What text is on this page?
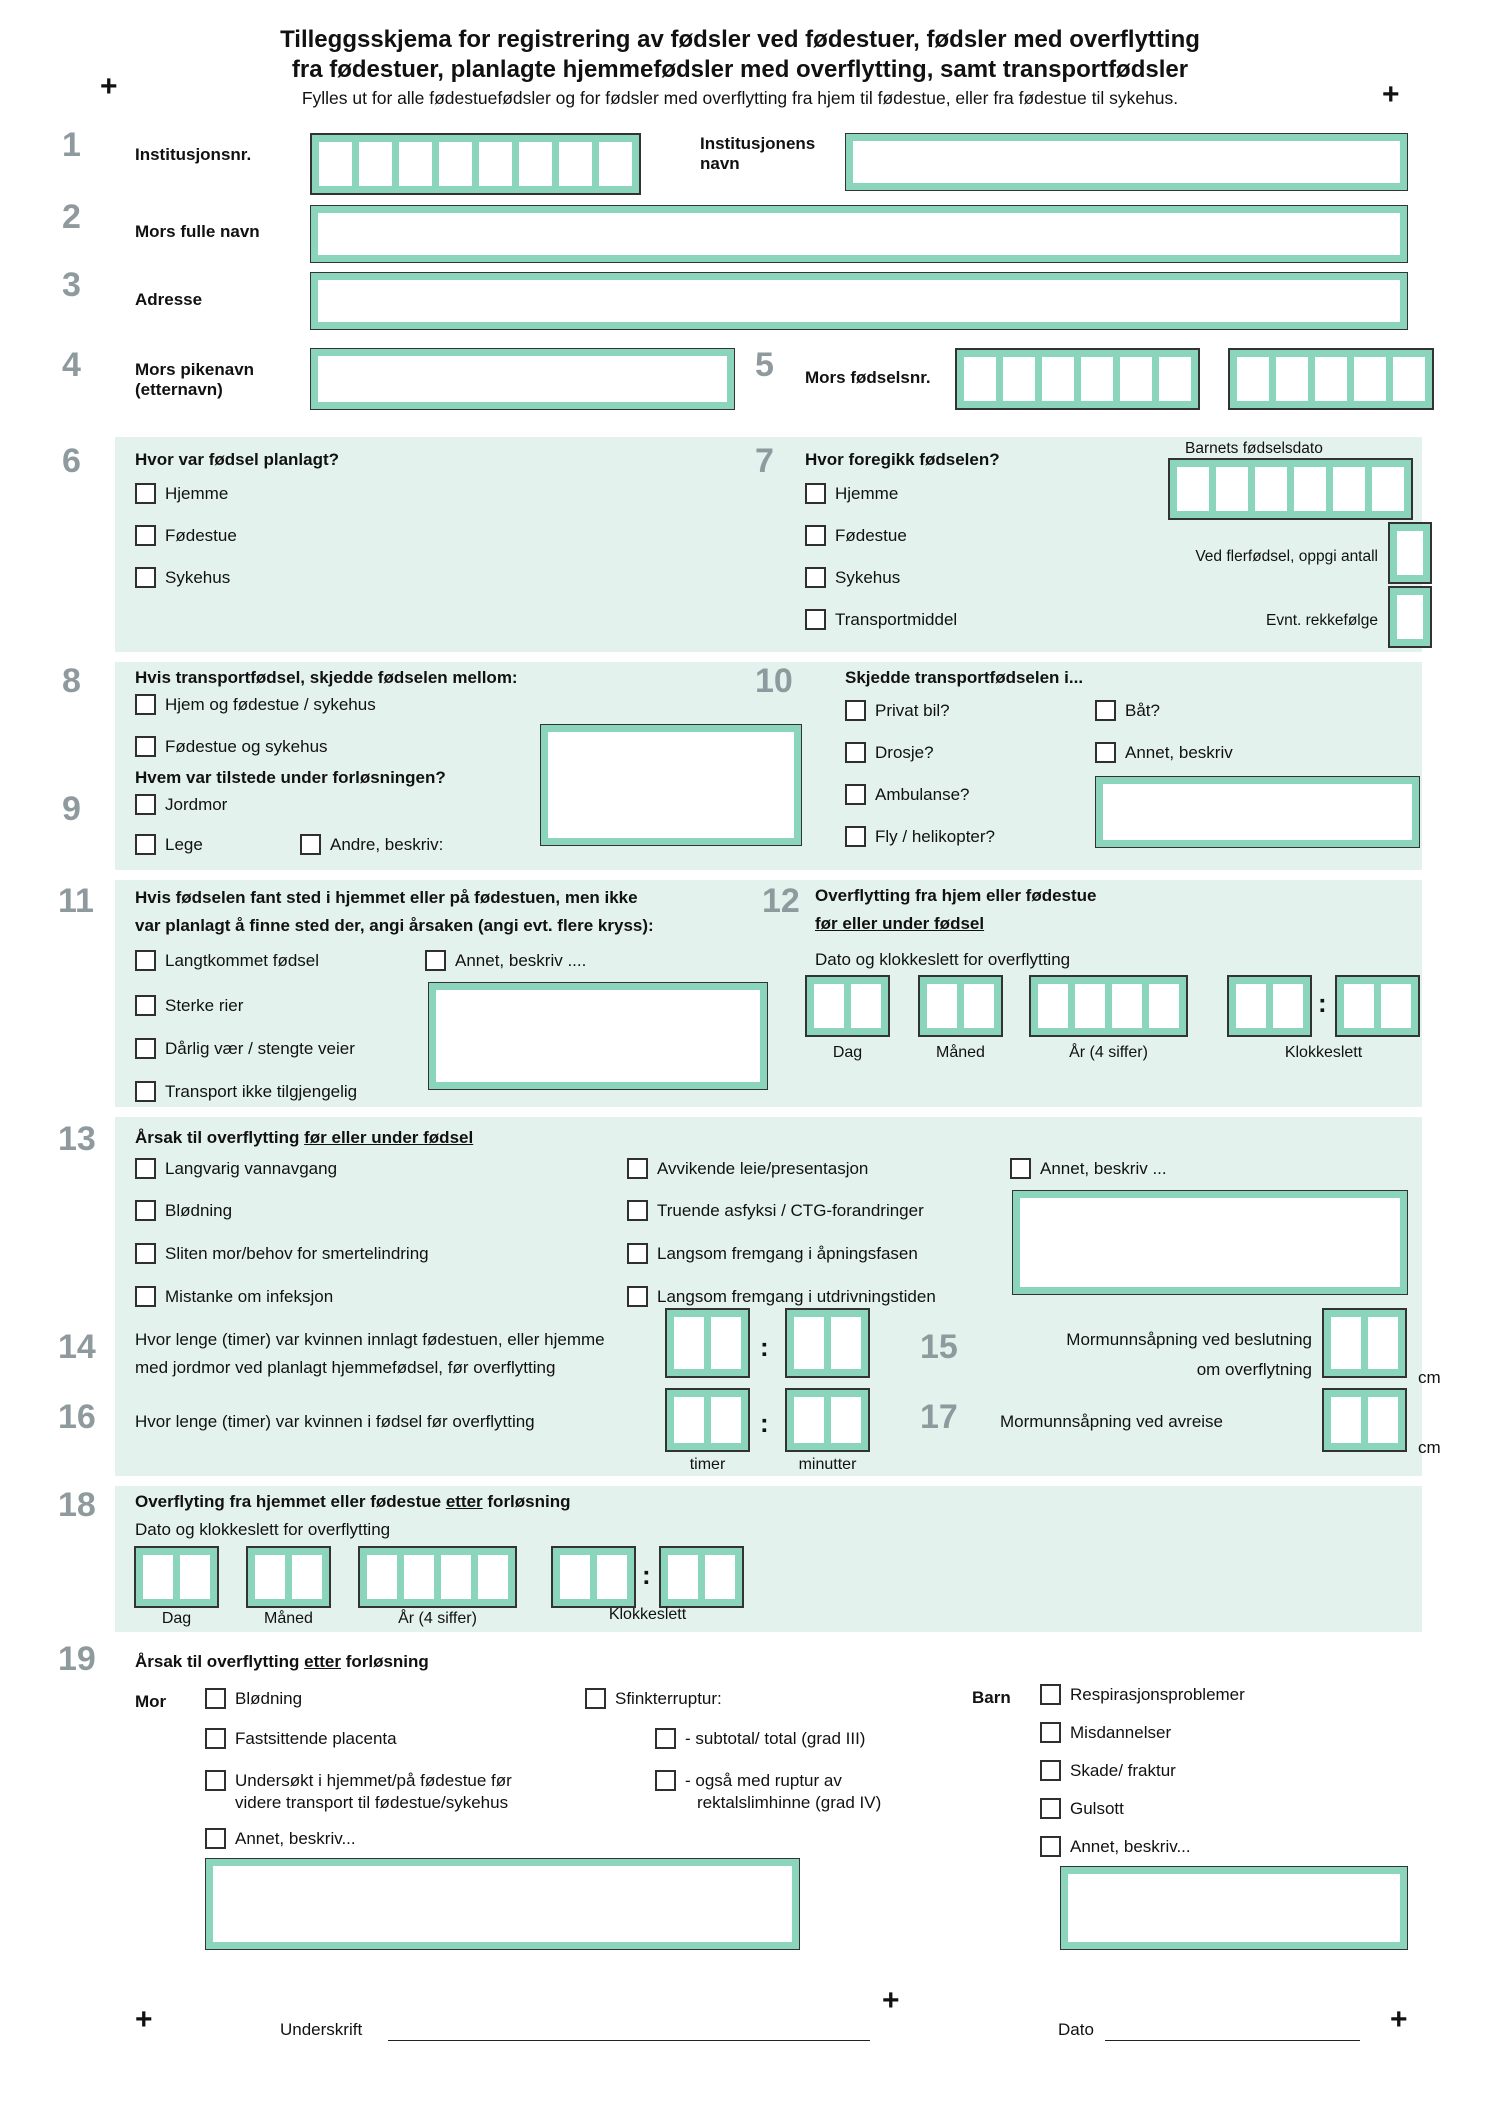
+	+
Tilleggsskjema for registrering av fødsler ved fødestuer, fødsler med overflytting
fra fødestuer, planlagte hjemmefødsler med overflytting, samt transportfødsler
Fylles ut for alle fødestuefødsler og for fødsler med overflytting fra hjem til fødestue, eller fra fødestue til sykehus.
1	Institusjonsnr.
Institusjonens navn
2	Mors fulle navn
3	Adresse
4	Mors pikenavn (etternavn)
5 Mors fødselsnr.
6	Hvor var fødsel planlagt?
Hjemme
Fødestue
Sykehus
7 Hvor foregikk fødselen?
Hjemme
Fødestue
Sykehus
Transportmiddel
Barnets fødselsdato
Ved flerfødsel, oppgi antall
Evnt. rekkefølge
8	Hvis transportfødsel, skjedde fødselen mellom:
Hjem og fødestue / sykehus
Fødestue og sykehus
Hvem var tilstede under forløsningen?
9	Jordmor
Lege	Andre, beskriv:
10	Skjedde transportfødselen i...
Privat bil?
Drosje?
Ambulanse?
Fly / helikopter?
Båt?
Annet, beskriv
11 Hvis fødselen fant sted i hjemmet eller på fødestuen, men ikke
var planlagt å finne sted der, angi årsaken (angi evt. flere kryss):
Langtkommet fødsel
Sterke rier
Dårlig vær / stengte veier
Transport ikke tilgjengelig
Annet, beskriv ....
12 Overflytting fra hjem eller fødestue
før eller under fødsel
Dato og klokkeslett for overflytting
:
Dag	Måned	År (4 siffer)	Klokkeslett
13 Årsak til overflytting før eller under fødsel
Langvarig vannavgang
Blødning
Sliten mor/behov for smertelindring
Mistanke om infeksjon
Avvikende leie/presentasjon
Truende asfyksi / CTG-forandringer
Langsom fremgang i åpningsfasen
Langsom fremgang i utdrivningstiden
Annet, beskriv ...
14 Hvor lenge (timer) var kvinnen innlagt fødestuen, eller hjemme
med jordmor ved planlagt hjemmefødsel, før overflytting
:	15	Mormunnsåpning ved beslutning
om overflytning	cm
16 Hvor lenge (timer) var kvinnen i fødsel før overflytting	:
timer	minutter
17 Mormunnsåpning ved avreise
cm
18 Overflyting fra hjemmet eller fødestue etter forløsning
Dato og klokkeslett for overflytting
:
Dag	Måned	År (4 siffer)	Klokkeslett
19 Årsak til overflytting etter forløsning
Mor	Blødning
Fastsittende placenta
Undersøkt i hjemmet/på fødestue før
videre transport til fødestue/sykehus
Annet, beskriv...
Sfinkterruptur:
- subtotal/ total (grad III)
- også med ruptur av
rektalslimhinne (grad IV)
Barn	Respirasjonsproblemer
Misdannelser
Skade/ fraktur
Gulsott
Annet, beskriv...
+	Underskrift
+
Dato	+
